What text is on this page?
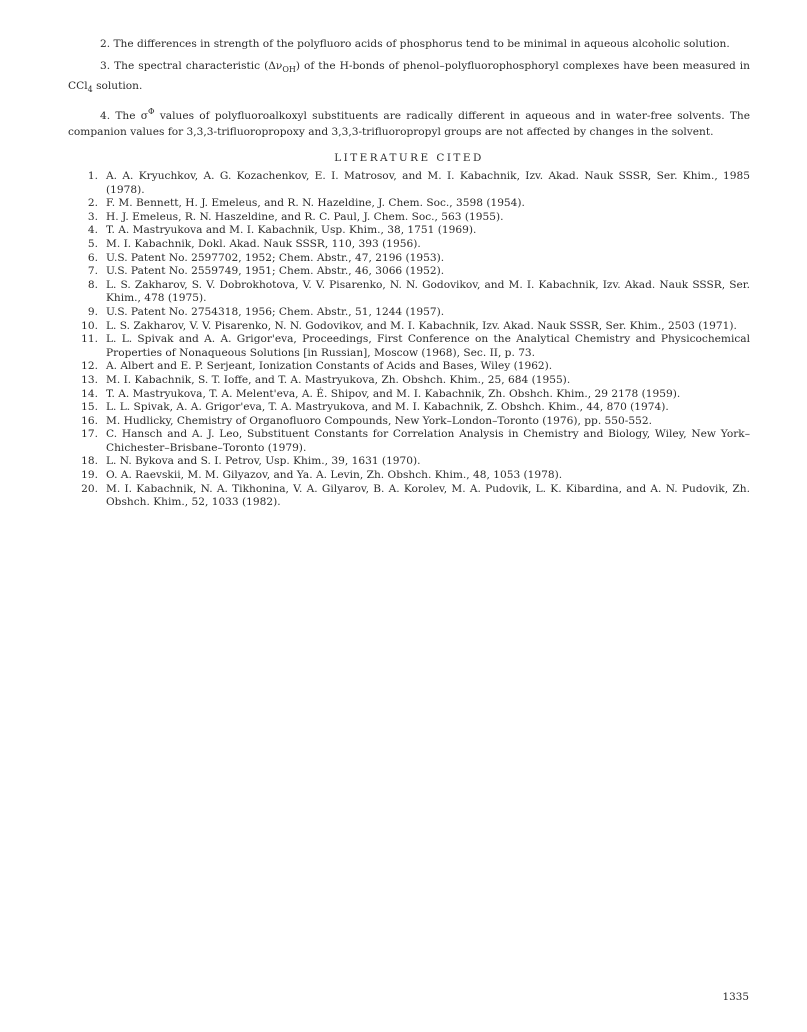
2. The differences in strength of the polyfluoro acids of phosphorus tend to be minimal in aqueous alcoholic solution.

3. The spectral characteristic $(\Delta\nu_{OH})$ of the H-bonds of phenol–polyfluorophosphoryl complexes have been measured in CCl$_4$ solution.

4. The $\sigma^\Phi$ values of polyfluoroalkoxyl substituents are radically different in aqueous and in water-free solvents. The companion values for 3,3,3-trifluoropropoxy and 3,3,3-trifluoropropyl groups are not affected by changes in the solvent.

LITERATURE CITED
1. A. A. Kryuchkov, A. G. Kozachenkov, E. I. Matrosov, and M. I. Kabachnik, Izv. Akad. Nauk SSSR, Ser. Khim., 1985 (1978).
2. F. M. Bennett, H. J. Emeleus, and R. N. Hazeldine, J. Chem. Soc., 3598 (1954).
3. H. J. Emeleus, R. N. Haszeldine, and R. C. Paul, J. Chem. Soc., 563 (1955).
4. T. A. Mastryukova and M. I. Kabachnik, Usp. Khim., 38, 1751 (1969).
5. M. I. Kabachnik, Dokl. Akad. Nauk SSSR, 110, 393 (1956).
6. U.S. Patent No. 2597702, 1952; Chem. Abstr., 47, 2196 (1953).
7. U.S. Patent No. 2559749, 1951; Chem. Abstr., 46, 3066 (1952).
8. L. S. Zakharov, S. V. Dobrokhotova, V. V. Pisarenko, N. N. Godovikov, and M. I. Kabachnik, Izv. Akad. Nauk SSSR, Ser. Khim., 478 (1975).
9. U.S. Patent No. 2754318, 1956; Chem. Abstr., 51, 1244 (1957).
10. L. S. Zakharov, V. V. Pisarenko, N. N. Godovikov, and M. I. Kabachnik, Izv. Akad. Nauk SSSR, Ser. Khim., 2503 (1971).
11. L. L. Spivak and A. A. Grigor'eva, Proceedings, First Conference on the Analytical Chemistry and Physicochemical Properties of Nonaqueous Solutions [in Russian], Moscow (1968), Sec. II, p. 73.
12. A. Albert and E. P. Serjeant, Ionization Constants of Acids and Bases, Wiley (1962).
13. M. I. Kabachnik, S. T. Ioffe, and T. A. Mastryukova, Zh. Obshch. Khim., 25, 684 (1955).
14. T. A. Mastryukova, T. A. Melent'eva, A. É. Shipov, and M. I. Kabachnik, Zh. Obshch. Khim., 29 2178 (1959).
15. L. L. Spivak, A. A. Grigor'eva, T. A. Mastryukova, and M. I. Kabachnik, Z. Obshch. Khim., 44, 870 (1974).
16. M. Hudlicky, Chemistry of Organofluoro Compounds, New York–London–Toronto (1976), pp. 550-552.
17. C. Hansch and A. J. Leo, Substituent Constants for Correlation Analysis in Chemistry and Biology, Wiley, New York–Chichester–Brisbane–Toronto (1979).
18. L. N. Bykova and S. I. Petrov, Usp. Khim., 39, 1631 (1970).
19. O. A. Raevskii, M. M. Gilyazov, and Ya. A. Levin, Zh. Obshch. Khim., 48, 1053 (1978).
20. M. I. Kabachnik, N. A. Tikhonina, V. A. Gilyarov, B. A. Korolev, M. A. Pudovik, L. K. Kibardina, and A. N. Pudovik, Zh. Obshch. Khim., 52, 1033 (1982).
1335
